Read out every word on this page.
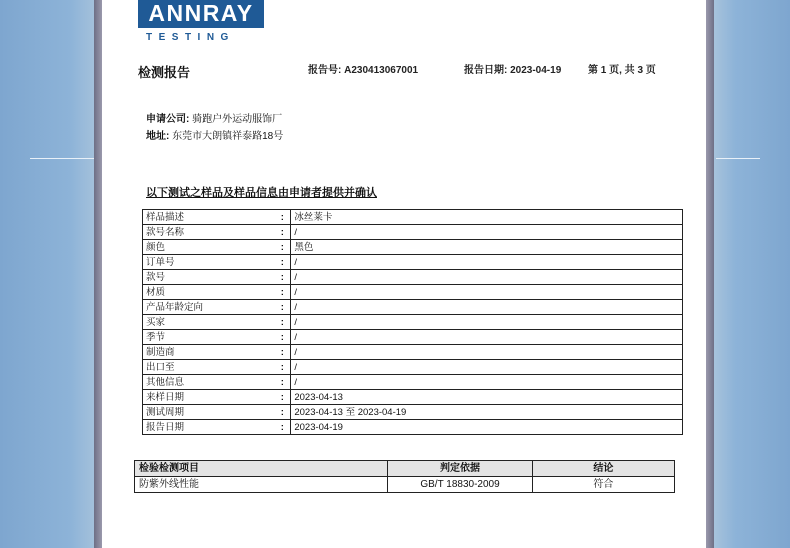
ANNRAY
TESTING
检测报告	报告号: A230413067001	报告日期: 2023-04-19	第 1 页, 共 3 页
申请公司: 骑跑户外运动服饰厂
地址: 东莞市大朗镇祥泰路18号
以下测试之样品及样品信息由申请者提供并确认
样品描述	:	冰丝莱卡
款号名称	:	/
颜色	:	黑色
订单号	:	/
款号	:	/
材质	:	/
产品年龄定向	:	/
买家	:	/
季节	:	/
制造商	:	/
出口至	:	/
其他信息	:	/
来样日期	:	2023-04-13
测试周期	:	2023-04-13 至 2023-04-19
报告日期	:	2023-04-19
检验检测项目	判定依据	结论
防紫外线性能	GB/T 18830-2009	符合
